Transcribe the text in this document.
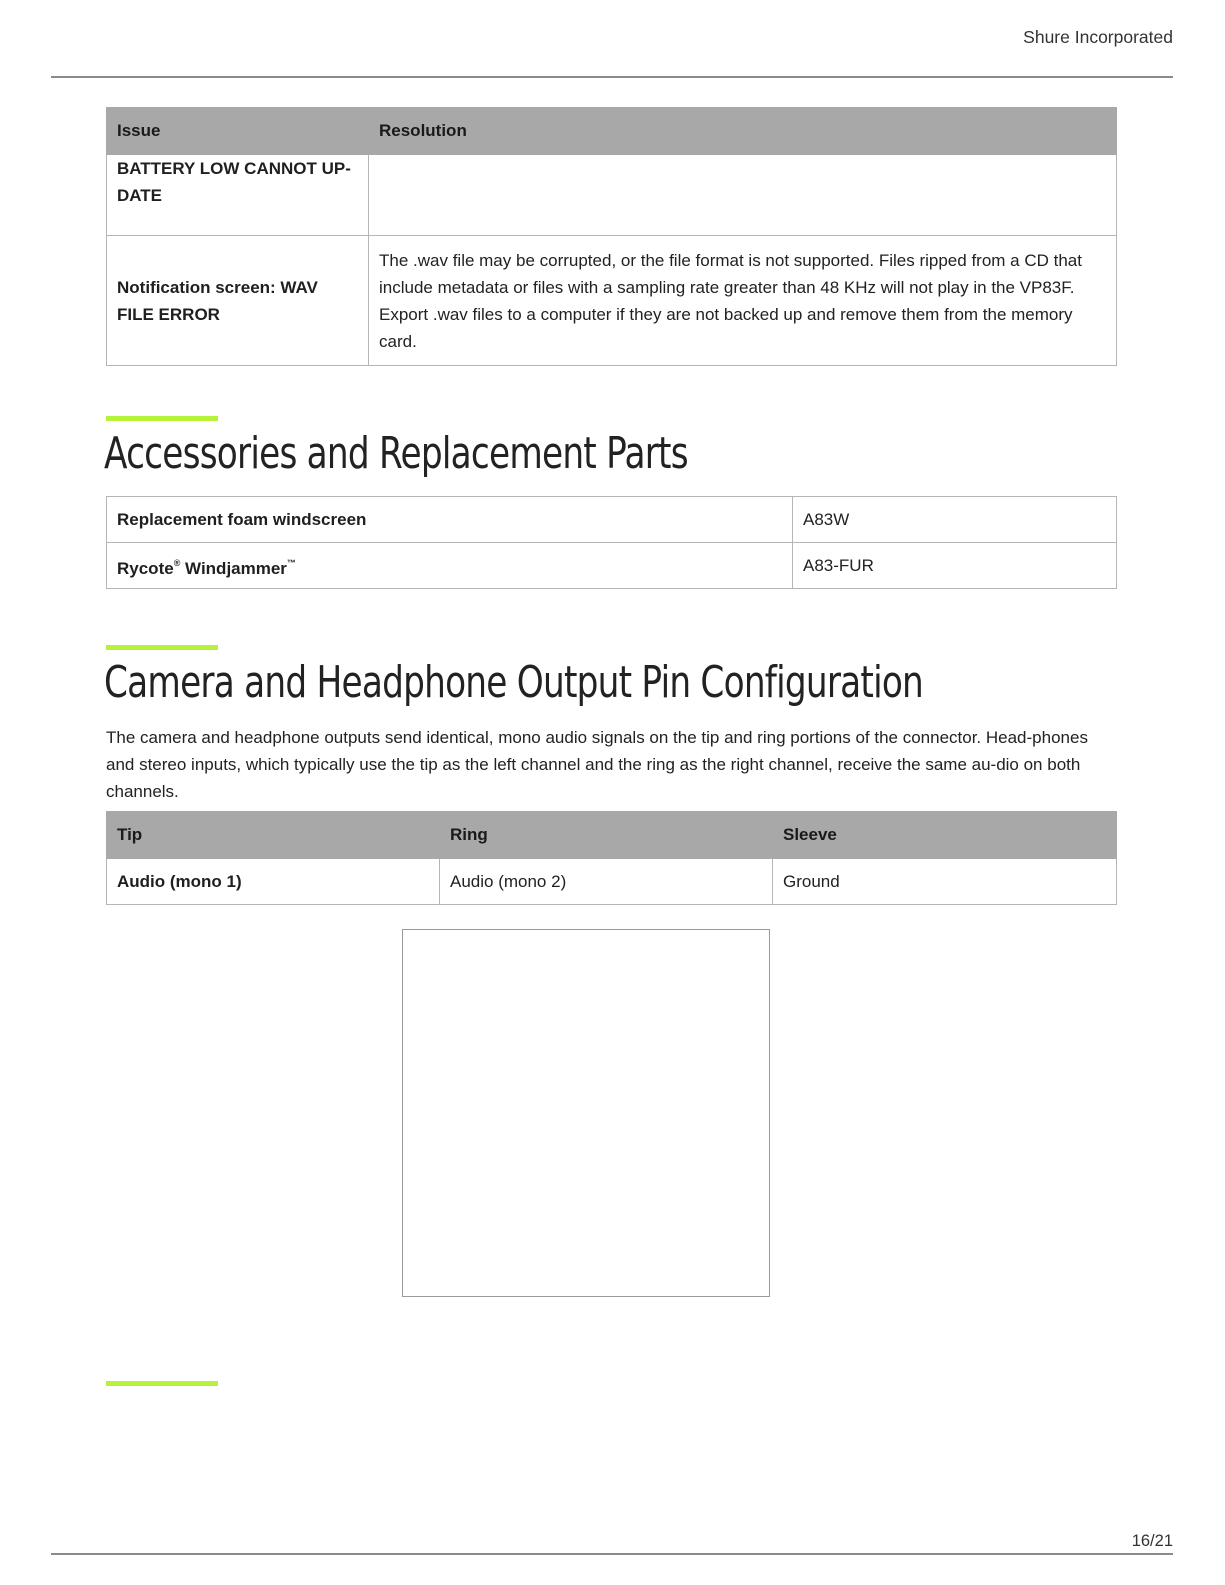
Shure Incorporated
Issue	Resolution
BATTERY LOW CANNOT UP-DATE	
Notification screen: WAV FILE ERROR	The .wav file may be corrupted, or the file format is not supported. Files ripped from a CD that include metadata or files with a sampling rate greater than 48 KHz will not play in the VP83F. Export .wav files to a computer if they are not backed up and remove them from the memory card.
Accessories and Replacement Parts
Replacement foam windscreen	A83W
Rycote® Windjammer™	A83-FUR
Camera and Headphone Output Pin Configuration

The camera and headphone outputs send identical, mono audio signals on the tip and ring portions of the connector. Head-phones and stereo inputs, which typically use the tip as the left channel and the ring as the right channel, receive the same au-dio on both channels.

Tip	Ring	Sleeve
Audio (mono 1)	Audio (mono 2)	Ground
16/21
